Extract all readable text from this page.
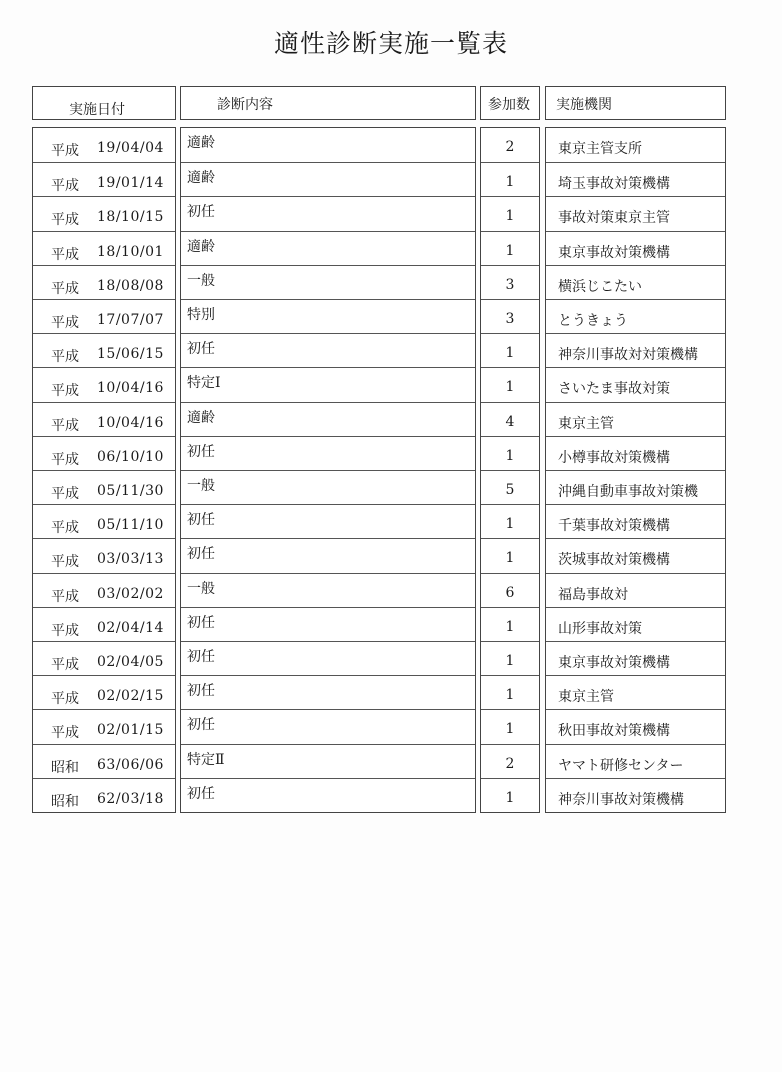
適性診断実施一覧表
実施日付	診断内容	参加数 実施機関
平成 19/04/04
平成 19/01/14
平成 18/10/15
平成 18/10/01
平成 18/08/08
平成 17/07/07
平成 15/06/15
平成 10/04/16
平成 10/04/16
平成 06/10/10
平成 05/11/30
平成 05/11/10
平成 03/03/13
平成 03/02/02
平成 02/04/14
平成 02/04/05
平成 02/02/15
平成 02/01/15
昭和 63/06/06
昭和 62/03/18
適齢
適齢
初任
適齢
一般
特別
初任
特定Ⅰ
適齢
初任
一般
初任
初任
一般
初任
初任
初任
初任
特定Ⅱ
初任
2
1
1
1
3
3
1
1
4
1
5
1
1
6
1
1
1
1
2
1
東京主管支所
埼玉事故対策機構
事故対策東京主管
東京事故対策機構
横浜じこたい
とうきょう
神奈川事故対対策機構
さいたま事故対策
東京主管
小樽事故対策機構
沖縄自動車事故対策機
千葉事故対策機構
茨城事故対策機構
福島事故対
山形事故対策
東京事故対策機構
東京主管
秋田事故対策機構
ヤマト研修センター
神奈川事故対策機構
